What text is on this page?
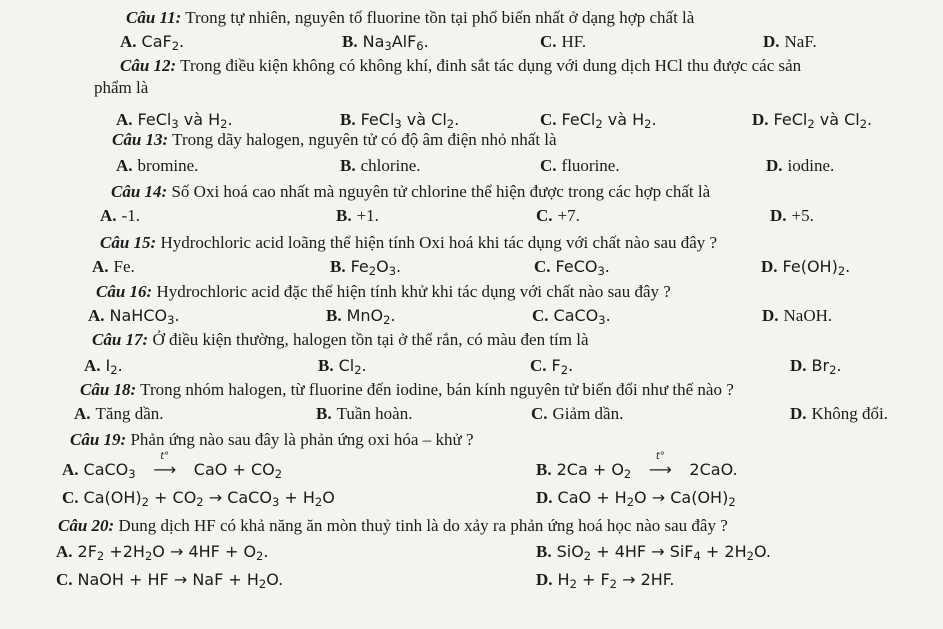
Câu 11: Trong tự nhiên, nguyên tố fluorine tồn tại phổ biến nhất ở dạng hợp chất là
A. CaF$_2$.	B. $Na_3AlF_6$.	C. HF.	D. NaF.
Câu 12: Trong điều kiện không có không khí, đinh sắt tác dụng với dung dịch HCl thu được các sản
phẩm là
A. FeCl$_3$ và $H_2$.	B. FeCl$_3$ và $Cl_2$.	C. FeCl$_2$ và $H_2$.	D. FeCl$_2$ và $Cl_2$.
Câu 13: Trong dãy halogen, nguyên tử có độ âm điện nhỏ nhất là
A. bromine.	B. chlorine.	C. fluorine.	D. iodine.
Câu 14: Số Oxi hoá cao nhất mà nguyên tử chlorine thể hiện được trong các hợp chất là
A. -1.	B. +1.	C. +7.	D. +5.
Câu 15: Hydrochloric acid loãng thể hiện tính Oxi hoá khi tác dụng với chất nào sau đây ?
A. Fe.	B. $Fe_2O_3$.	C. FeCO$_3$.	D. $Fe(OH)_2$.
Câu 16: Hydrochloric acid đặc thể hiện tính khử khi tác dụng với chất nào sau đây ?
A. NaHCO$_3$.	B. MnO$_2$.	C. CaCO$_3$.	D. NaOH.
Câu 17: Ở điều kiện thường, halogen tồn tại ở thể rắn, có màu đen tím là
A. $I_2$.	B. $Cl_2$.	C. $F_2$.	D. $Br_2$.
Câu 18: Trong nhóm halogen, từ fluorine đến iodine, bán kính nguyên tử biến đổi như thế nào ?
A. Tăng dần.	B. Tuần hoàn.	C. Giảm dần.	D. Không đổi.
Câu 19: Phản ứng nào sau đây là phản ứng oxi hóa – khử ?
A. CaCO$_3$
t°
⟶ CaO + $CO_2$	B. $2Ca + O_2$
t°
⟶ 2CaO.
C. $Ca(OH)_2 + CO_2$ → CaCO$_3$ + $H_2O$	D. CaO + $H_2O \to Ca(OH)_2$
Câu 20: Dung dịch HF có khả năng ăn mòn thuỷ tinh là do xảy ra phản ứng hoá học nào sau đây ?
A. $2F_2 +2H_2O \to 4HF + O_2$.	B. $SiO_2 + 4HF \to SiF_4 + 2H_2O$.
C. NaOH + HF → NaF + $H_2O$.	D. $H_2 + F_2 \to 2HF$.
